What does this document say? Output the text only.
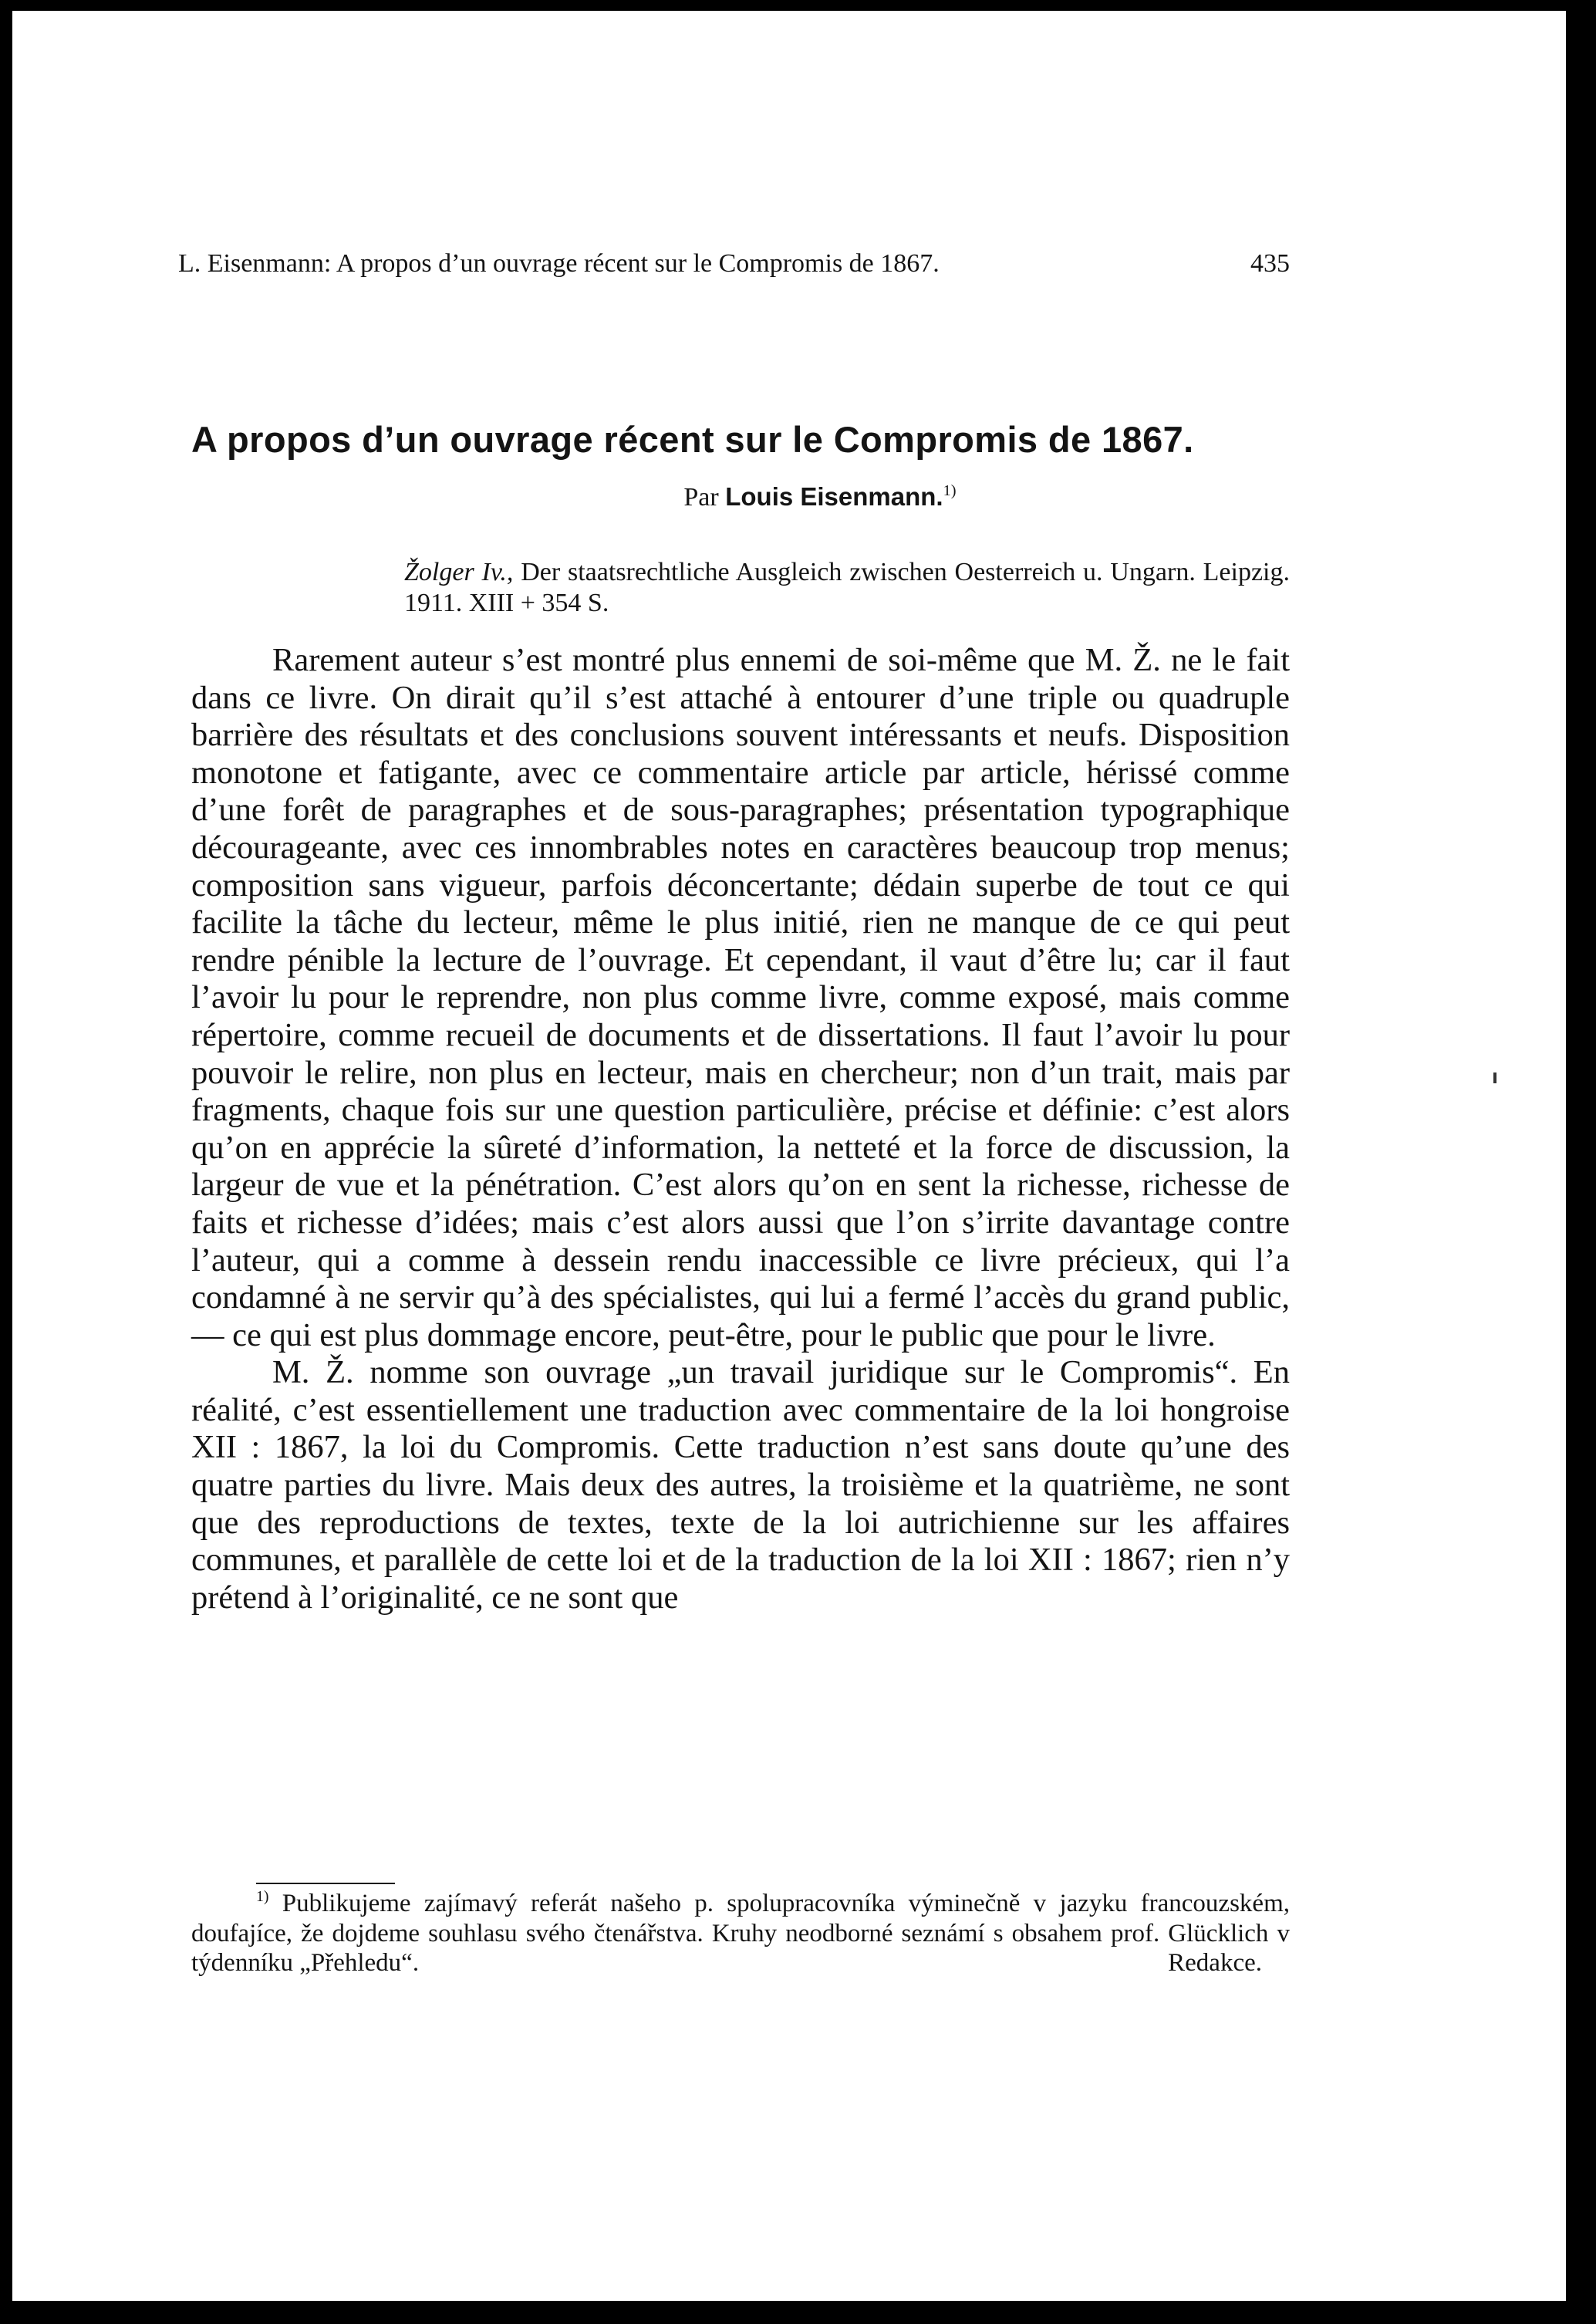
L. Eisenmann: A propos d’un ouvrage récent sur le Compromis de 1867.	435
A propos d’un ouvrage récent sur le Compromis de 1867.
Par Louis Eisenmann.$^{1)}$
Žolger Iv., Der staatsrechtliche Ausgleich zwischen Oesterreich u. Ungarn. Leipzig. 1911. XIII + 354 S.

Rarement auteur s’est montré plus ennemi de soi-même que M. Ž. ne le fait dans ce livre. On dirait qu’il s’est attaché à entourer d’une triple ou quadruple barrière des résultats et des conclusions souvent intéressants et neufs. Disposition monotone et fatigante, avec ce commentaire article par article, hérissé comme d’une forêt de paragraphes et de sous-paragraphes; présentation typographique décourageante, avec ces innombrables notes en caractères beaucoup trop menus; composition sans vigueur, parfois déconcertante; dédain superbe de tout ce qui facilite la tâche du lecteur, même le plus initié, rien ne manque de ce qui peut rendre pénible la lecture de l’ouvrage. Et cependant, il vaut d’être lu; car il faut l’avoir lu pour le reprendre, non plus comme livre, comme exposé, mais comme répertoire, comme recueil de documents et de dissertations. Il faut l’avoir lu pour pouvoir le relire, non plus en lecteur, mais en chercheur; non d’un trait, mais par fragments, chaque fois sur une question particulière, précise et définie: c’est alors qu’on en apprécie la sûreté d’information, la netteté et la force de discussion, la largeur de vue et la pénétration. C’est alors qu’on en sent la richesse, richesse de faits et richesse d’idées; mais c’est alors aussi que l’on s’irrite davantage contre l’auteur, qui a comme à dessein rendu inaccessible ce livre précieux, qui l’a condamné à ne servir qu’à des spécialistes, qui lui a fermé l’accès du grand public, — ce qui est plus dommage encore, peut-être, pour le public que pour le livre.

M. Ž. nomme son ouvrage „un travail juridique sur le Compromis“. En réalité, c’est essentiellement une traduction avec commentaire de la loi hongroise XII : 1867, la loi du Compromis. Cette traduction n’est sans doute qu’une des quatre parties du livre. Mais deux des autres, la troisième et la quatrième, ne sont que des reproductions de textes, texte de la loi autrichienne sur les affaires communes, et parallèle de cette loi et de la traduction de la loi XII : 1867; rien n’y prétend à l’originalité, ce ne sont que

$^{1)}$ Publikujeme zajímavý referát našeho p. spolupracovníka výminečně v jazyku francouzském, doufajíce, že dojdeme souhlasu svého čtenářstva. Kruhy neodborné seznámí s obsahem prof. Glücklich v týdenníku „Přehledu“.	Redakce.
